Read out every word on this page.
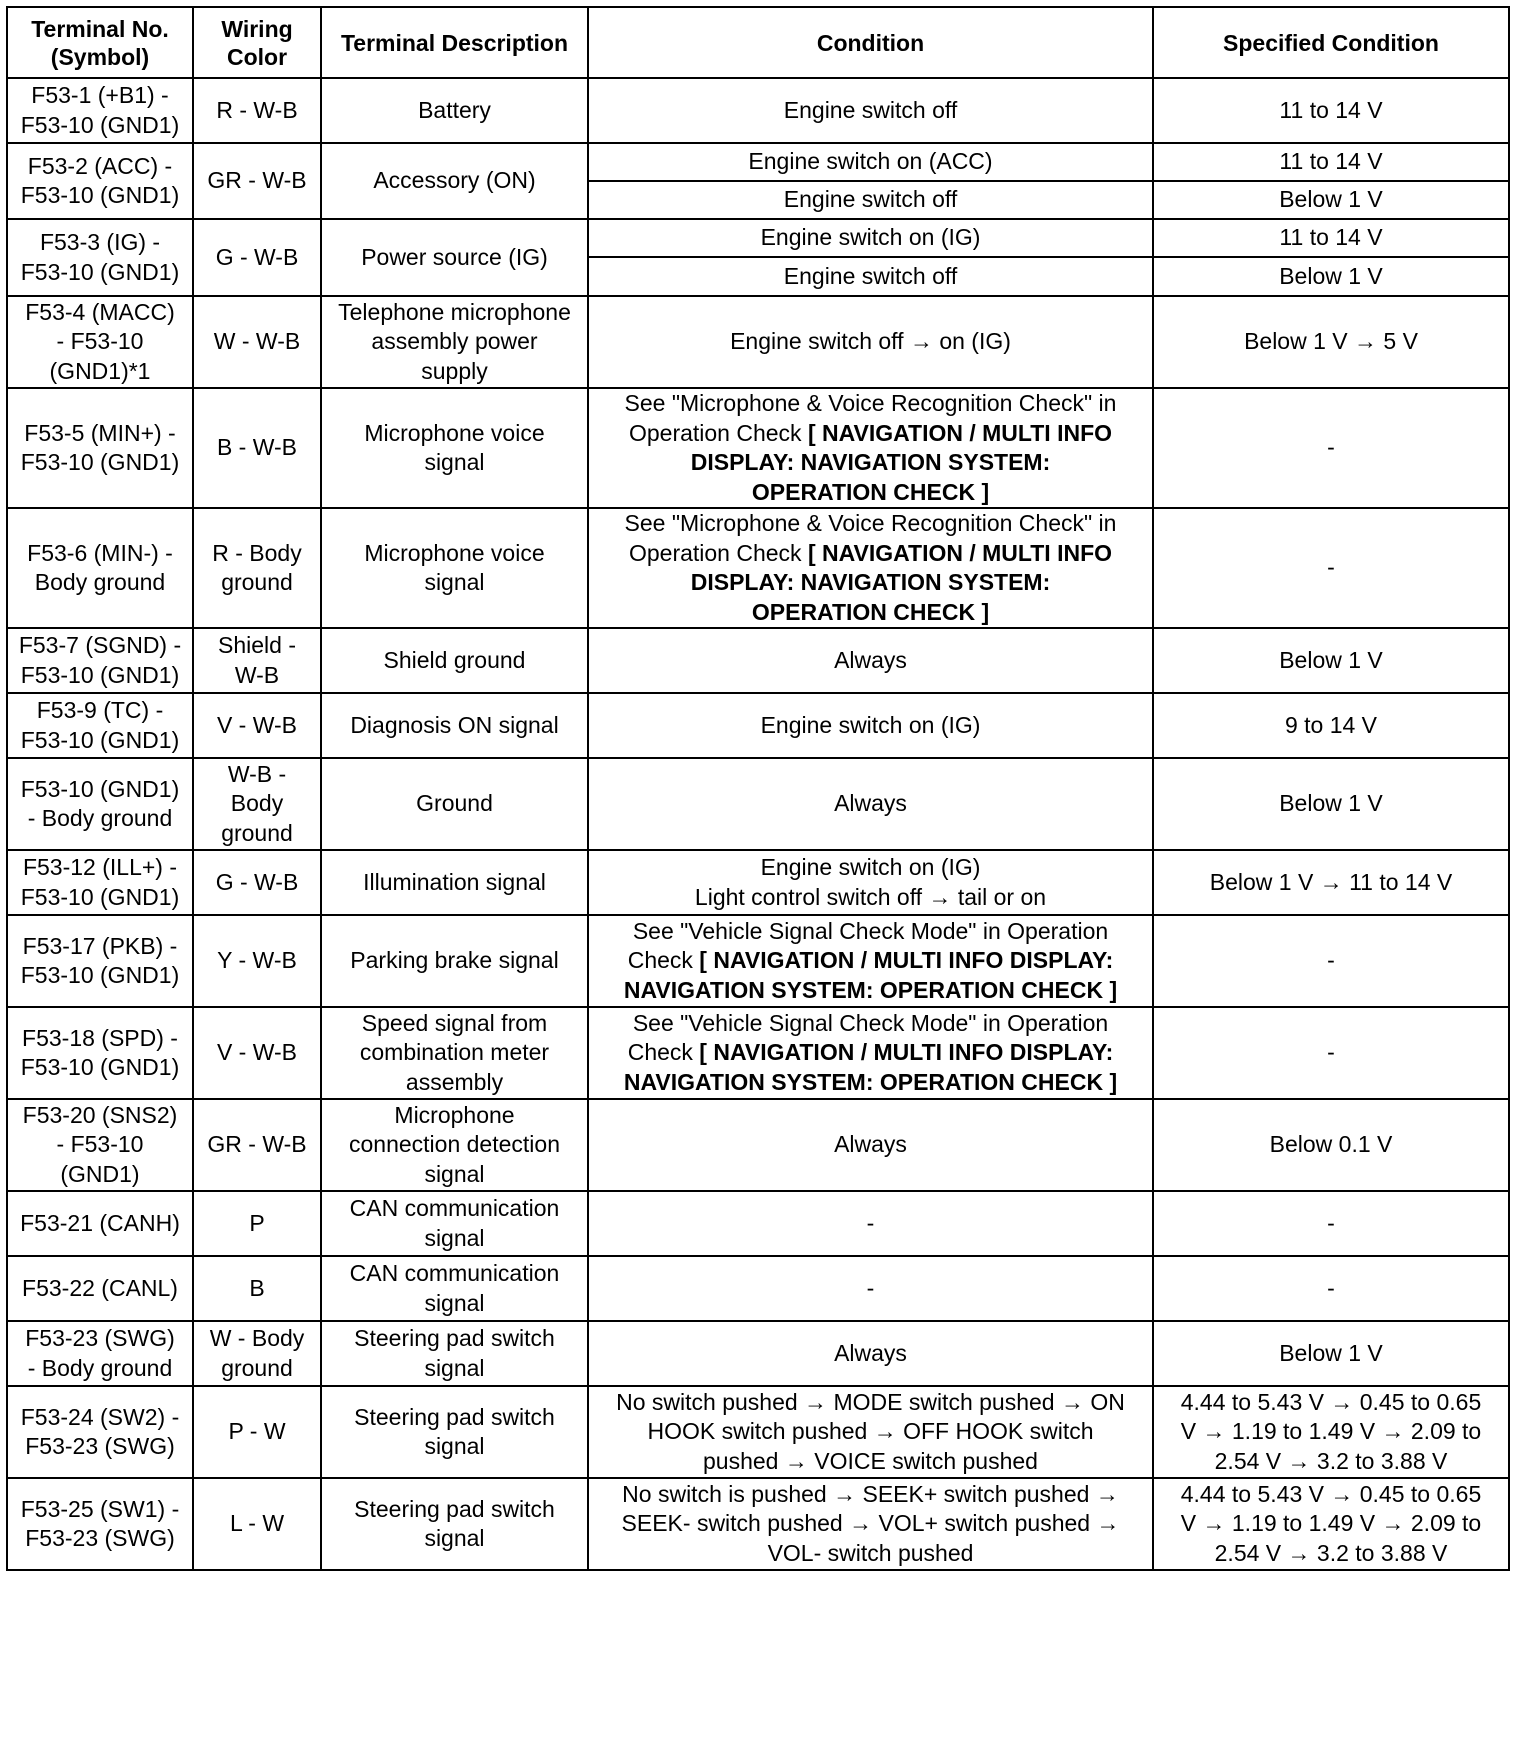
Terminal No.
(Symbol)	Wiring
Color	Terminal Description	Condition	Specified Condition
F53-1 (+B1) -
F53-10 (GND1)	R - W-B	Battery	Engine switch off	11 to 14 V
F53-2 (ACC) -
F53-10 (GND1)	GR - W-B	Accessory (ON)	Engine switch on (ACC)	11 to 14 V
			Engine switch off	Below 1 V
F53-3 (IG) -
F53-10 (GND1)	G - W-B	Power source (IG)	Engine switch on (IG)	11 to 14 V
			Engine switch off	Below 1 V
F53-4 (MACC)
- F53-10
(GND1)*1	W - W-B	Telephone microphone
assembly power
supply	Engine switch off → on (IG)	Below 1 V → 5 V
F53-5 (MIN+) -
F53-10 (GND1)	B - W-B	Microphone voice
signal	See "Microphone & Voice Recognition Check" in
Operation Check [ NAVIGATION / MULTI INFO
DISPLAY: NAVIGATION SYSTEM:
OPERATION CHECK ]	-
F53-6 (MIN-) -
Body ground	R - Body
ground	Microphone voice
signal	See "Microphone & Voice Recognition Check" in
Operation Check [ NAVIGATION / MULTI INFO
DISPLAY: NAVIGATION SYSTEM:
OPERATION CHECK ]	-
F53-7 (SGND) -
F53-10 (GND1)	Shield -
W-B	Shield ground	Always	Below 1 V
F53-9 (TC) -
F53-10 (GND1)	V - W-B	Diagnosis ON signal	Engine switch on (IG)	9 to 14 V
F53-10 (GND1)
- Body ground	W-B -
Body
ground	Ground	Always	Below 1 V
F53-12 (ILL+) -
F53-10 (GND1)	G - W-B	Illumination signal	Engine switch on (IG)
Light control switch off → tail or on	Below 1 V → 11 to 14 V
F53-17 (PKB) -
F53-10 (GND1)	Y - W-B	Parking brake signal	See "Vehicle Signal Check Mode" in Operation
Check [ NAVIGATION / MULTI INFO DISPLAY:
NAVIGATION SYSTEM: OPERATION CHECK ]	-
F53-18 (SPD) -
F53-10 (GND1)	V - W-B	Speed signal from
combination meter
assembly	See "Vehicle Signal Check Mode" in Operation
Check [ NAVIGATION / MULTI INFO DISPLAY:
NAVIGATION SYSTEM: OPERATION CHECK ]	-
F53-20 (SNS2)
- F53-10
(GND1)	GR - W-B	Microphone
connection detection
signal	Always	Below 0.1 V
F53-21 (CANH)	P	CAN communication
signal	-	-
F53-22 (CANL)	B	CAN communication
signal	-	-
F53-23 (SWG)
- Body ground	W - Body
ground	Steering pad switch
signal	Always	Below 1 V
F53-24 (SW2) -
F53-23 (SWG)	P - W	Steering pad switch
signal	No switch pushed → MODE switch pushed → ON
HOOK switch pushed → OFF HOOK switch
pushed → VOICE switch pushed	4.44 to 5.43 V → 0.45 to 0.65
V → 1.19 to 1.49 V → 2.09 to
2.54 V → 3.2 to 3.88 V
F53-25 (SW1) -
F53-23 (SWG)	L - W	Steering pad switch
signal	No switch is pushed → SEEK+ switch pushed →
SEEK- switch pushed → VOL+ switch pushed →
VOL- switch pushed	4.44 to 5.43 V → 0.45 to 0.65
V → 1.19 to 1.49 V → 2.09 to
2.54 V → 3.2 to 3.88 V
